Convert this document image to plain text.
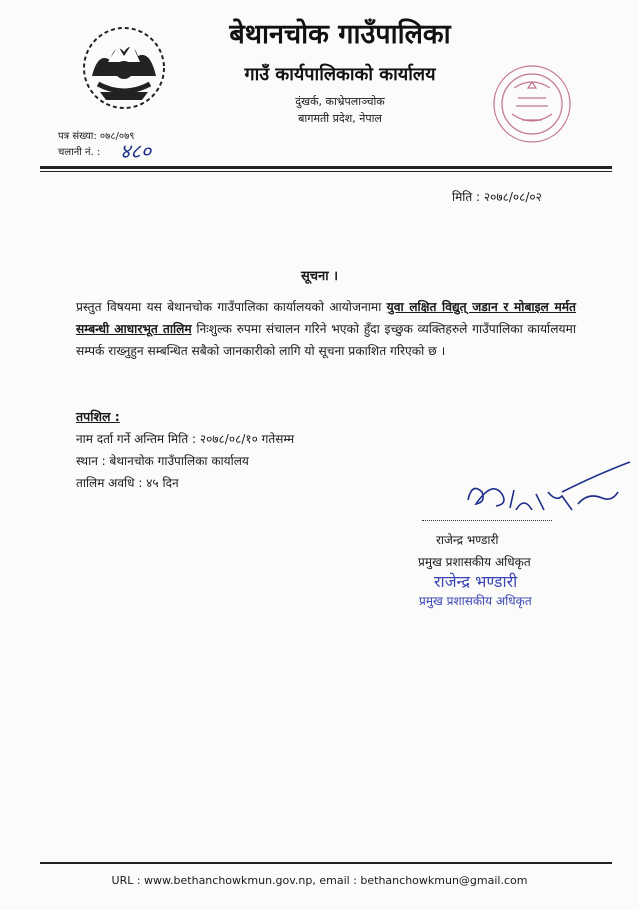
बेथानचोक गाउँपालिका
गाउँ कार्यपालिकाको कार्यालय
दुंखर्क, काभ्रेपलाञ्चोक
बागमती प्रदेश, नेपाल
पत्र संख्या: ०७८/०७९
चलानी नं. : ४८०
मिति : २०७८/०८/०२
सूचना ।
प्रस्तुत विषयमा यस बेथानचोक गाउँपालिका कार्यालयको आयोजनामा युवा लक्षित विद्युत् जडान र मोबाइल मर्मत सम्बन्धी आधारभूत तालिम निःशुल्क रुपमा संचालन गरिने भएको हुँदा इच्छुक व्यक्तिहरुले गाउँपालिका कार्यालयमा सम्पर्क राख्नुहुन सम्बन्धित सबैको जानकारीको लागि यो सूचना प्रकाशित गरिएको छ ।
तपशिल :
नाम दर्ता गर्ने अन्तिम मिति : २०७८/०८/१० गतेसम्म
स्थान : बेथानचोक गाउँपालिका कार्यालय
तालिम अवधि : ४५ दिन
राजेन्द्र भण्डारी
प्रमुख प्रशासकीय अधिकृत
राजेन्द्र भण्डारी
प्रमुख प्रशासकीय अधिकृत
URL : www.bethanchowkmun.gov.np, email : bethanchowkmun@gmail.com
